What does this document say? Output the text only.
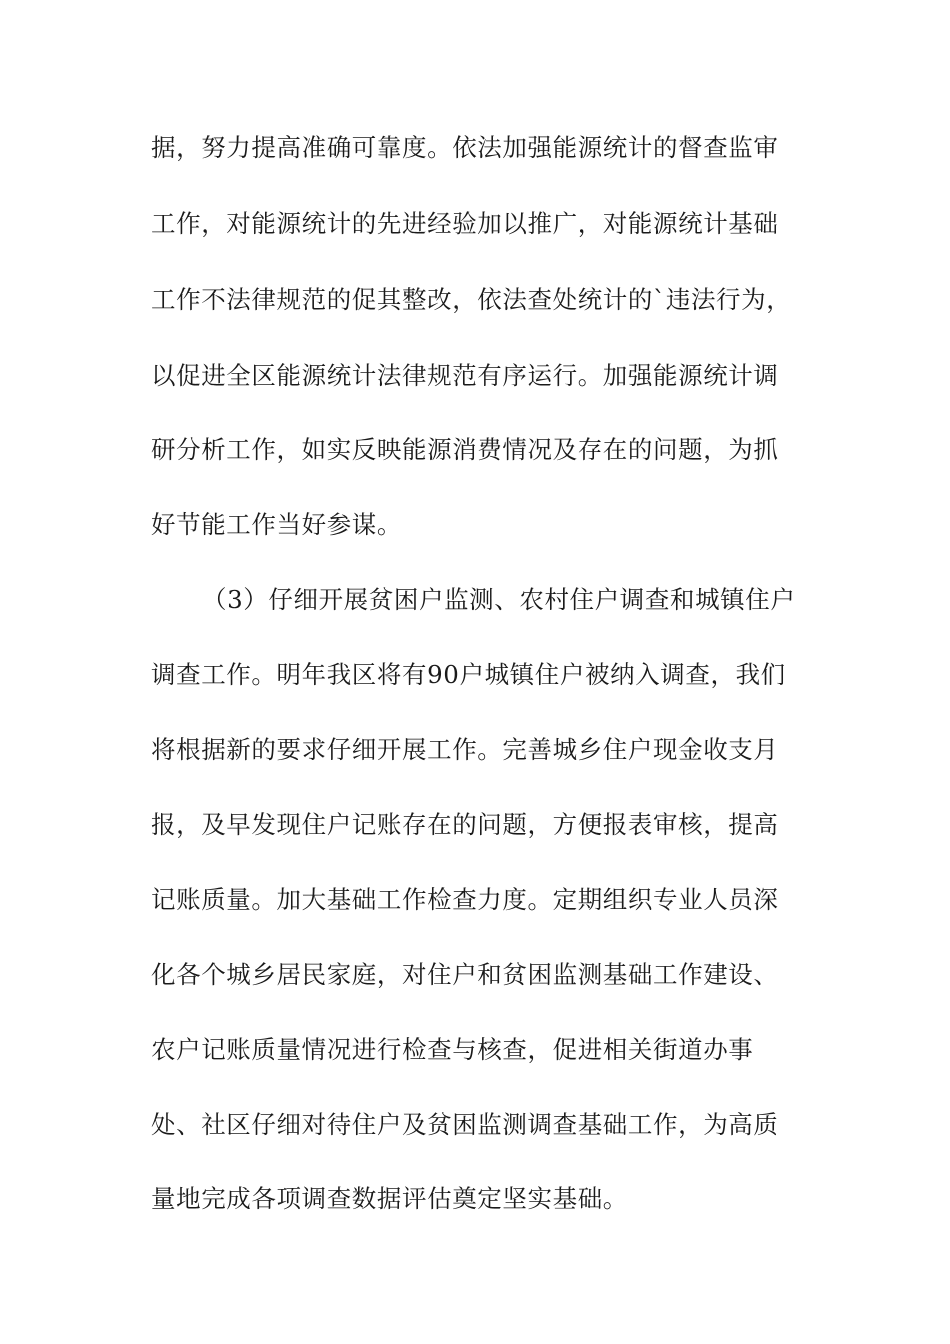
据，努力提高准确可靠度。依法加强能源统计的督查监审
工作，对能源统计的先进经验加以推广，对能源统计基础
工作不法律规范的促其整改，依法查处统计的`违法行为，
以促进全区能源统计法律规范有序运行。加强能源统计调
研分析工作，如实反映能源消费情况及存在的问题，为抓
好节能工作当好参谋。
（3）仔细开展贫困户监测、农村住户调查和城镇住户
调查工作。明年我区将有90户城镇住户被纳入调查，我们
将根据新的要求仔细开展工作。完善城乡住户现金收支月
报，及早发现住户记账存在的问题，方便报表审核，提高
记账质量。加大基础工作检查力度。定期组织专业人员深
化各个城乡居民家庭，对住户和贫困监测基础工作建设、
农户记账质量情况进行检查与核查，促进相关街道办事
处、社区仔细对待住户及贫困监测调查基础工作，为高质
量地完成各项调查数据评估奠定坚实基础。
